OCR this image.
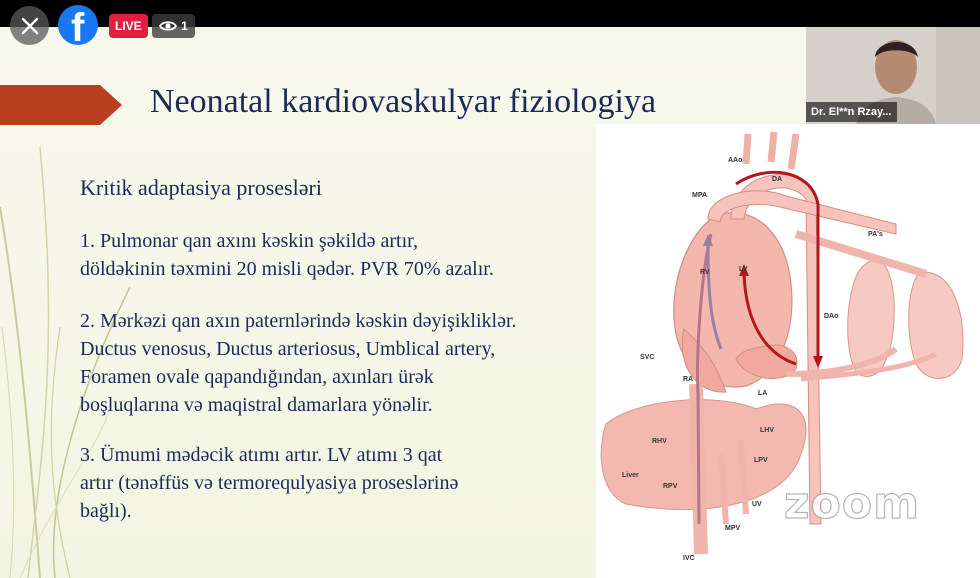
Neonatal kardiovaskulyar fiziologiya
Kritik adaptasiya prosesləri
1. Pulmonar qan axını kəskin şəkildə artır,
döldəkinin təxmini 20 misli qədər. PVR 70% azalır.
2. Mərkəzi qan axın paternlərində kəskin dəyişikliklər.
Ductus venosus, Ductus arteriosus, Umblical artery,
Foramen ovale qapandığından, axınları ürək
boşluqlarına və maqistral damarlara yönəlir.
3. Ümumi mədəcik atımı artır. LV atımı 3 qat
artır (tənəffüs və termorequlyasiya proseslərinə
bağlı).
AAo
DA
MPA
PA's
RV	LV
DAo
SVC
RA
LA
RHV
LHV
LPV
Liver
RPV
UV
MPV
IVC
zoom
f	LIVE	1
Dr. El**n Rzay...
